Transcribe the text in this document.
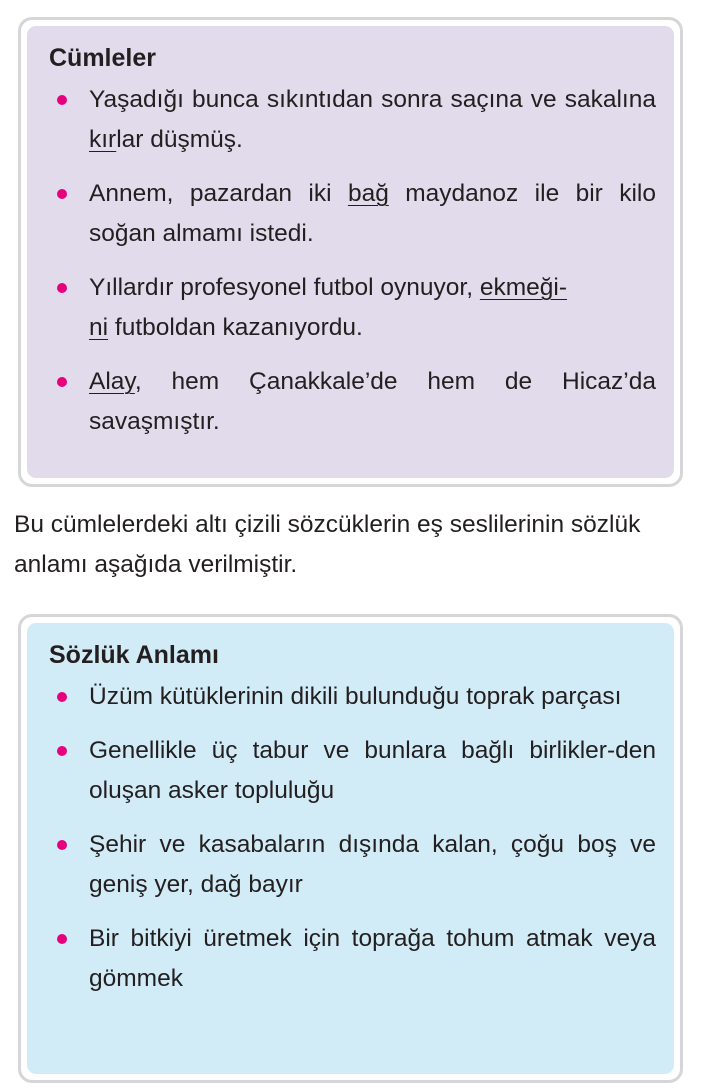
Cümleler
Yaşadığı bunca sıkıntıdan sonra saçına ve sakalına kırlar düşmüş.
Annem, pazardan iki bağ maydanoz ile bir kilo soğan almamı istedi.
Yıllardır profesyonel futbol oynuyor, ekmeği-
ni futboldan kazanıyordu.
Alay, hem Çanakkale’de hem de Hicaz’da savaşmıştır.
Bu cümlelerdeki altı çizili sözcüklerin eş seslilerinin sözlük anlamı aşağıda verilmiştir.
Sözlük Anlamı
Üzüm kütüklerinin dikili bulunduğu toprak parçası
Genellikle üç tabur ve bunlara bağlı birlikler-den oluşan asker topluluğu
Şehir ve kasabaların dışında kalan, çoğu boş ve geniş yer, dağ bayır
Bir bitkiyi üretmek için toprağa tohum atmak veya gömmek
